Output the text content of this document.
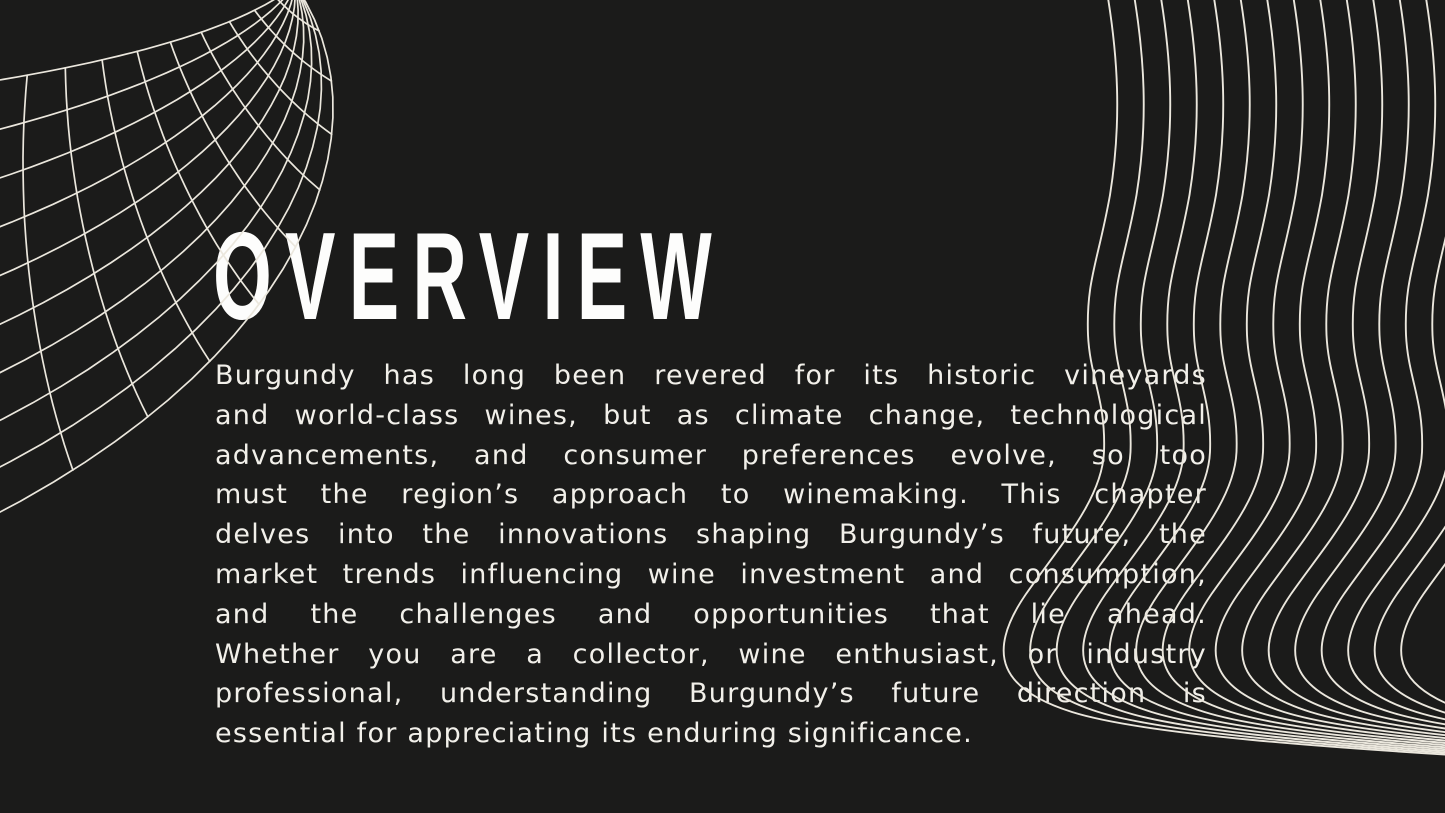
OVERVIEW
Burgundy has long been revered for its historic vineyards
and world-class wines, but as climate change, technological
advancements, and consumer preferences evolve, so too
must the region’s approach to winemaking. This chapter
delves into the innovations shaping Burgundy’s future, the
market trends influencing wine investment and consumption,
and the challenges and opportunities that lie ahead.
Whether you are a collector, wine enthusiast, or industry
professional, understanding Burgundy’s future direction is
essential for appreciating its enduring significance.
